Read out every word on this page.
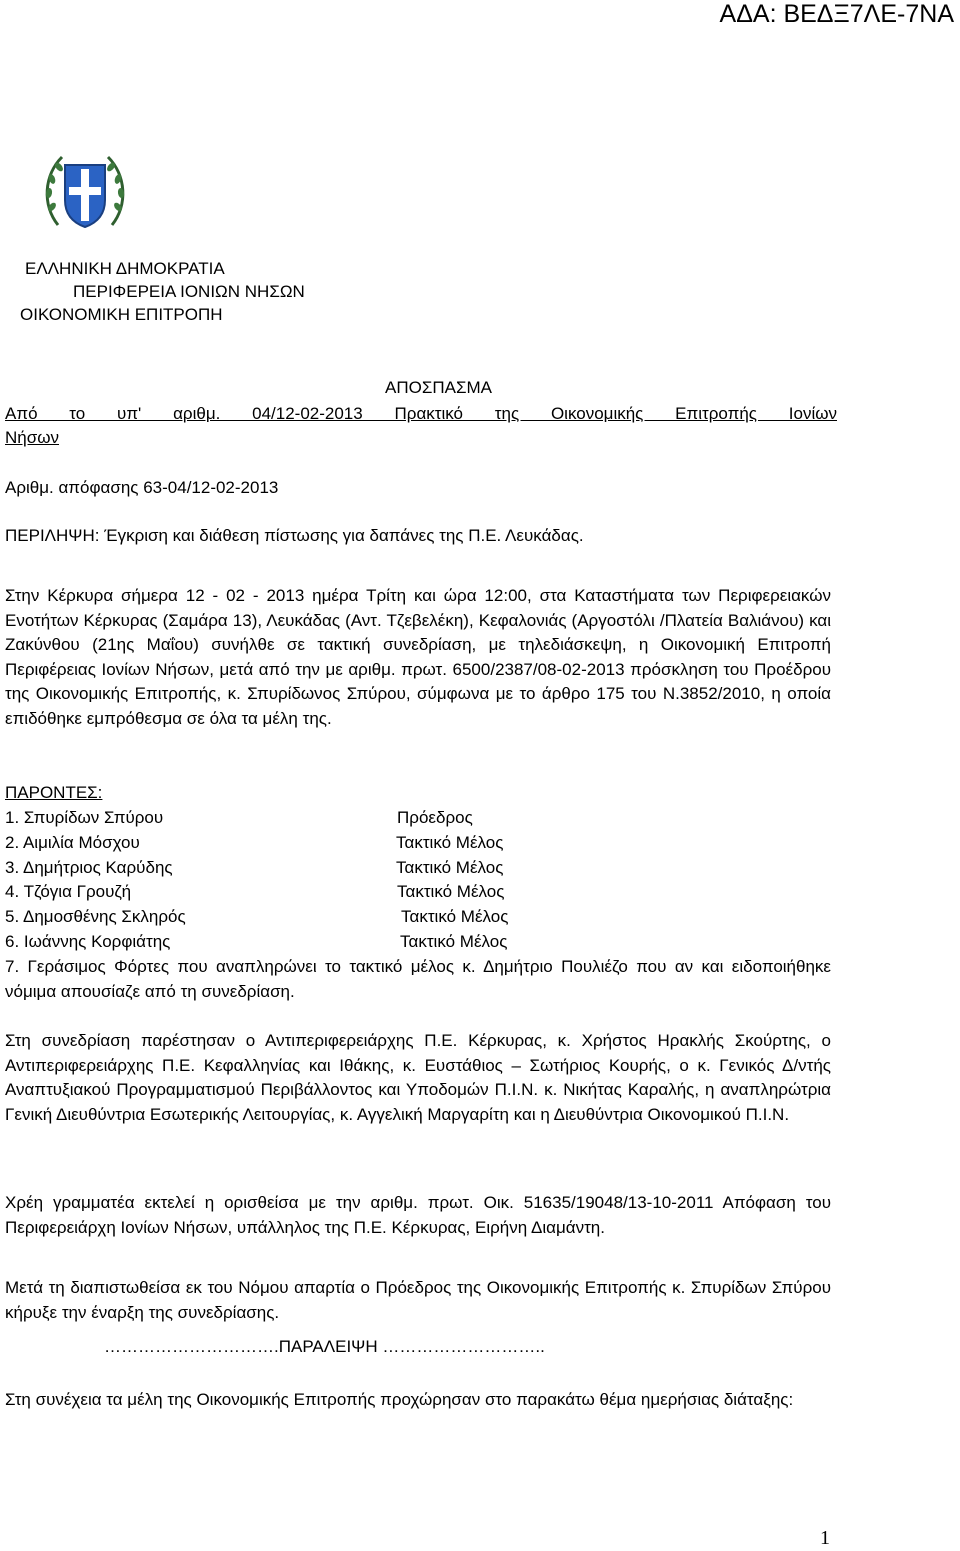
ΑΔΑ: ΒΕΔΞ7ΛΕ-7ΝΑ
ΕΛΛΗΝΙΚΗ ΔΗΜΟΚΡΑΤΙΑ
ΠΕΡΙΦΕΡΕΙΑ ΙΟΝΙΩΝ ΝΗΣΩΝ
ΟΙΚΟΝΟΜΙΚΗ ΕΠΙΤΡΟΠΗ
ΑΠΟΣΠΑΣΜΑ
Από το υπ' αριθμ. 04/12-02-2013 Πρακτικό της Οικονομικής Επιτροπής Ιονίων
Νήσων
Αριθμ. απόφασης 63-04/12-02-2013
ΠΕΡΙΛΗΨΗ: Έγκριση και διάθεση πίστωσης για δαπάνες της Π.Ε. Λευκάδας.

Στην Κέρκυρα σήμερα 12 - 02 - 2013 ημέρα Τρίτη και ώρα 12:00, στα Καταστήματα των Περιφερειακών Ενοτήτων Κέρκυρας (Σαμάρα 13), Λευκάδας (Αντ. Τζεβελέκη), Κεφαλονιάς (Αργοστόλι /Πλατεία Βαλιάνου) και Ζακύνθου (21ης Μαΐου) συνήλθε σε τακτική συνεδρίαση, με τηλεδιάσκεψη, η Οικονομική Επιτροπή Περιφέρειας Ιονίων Νήσων, μετά από την με αριθμ. πρωτ. 6500/2387/08-02-2013 πρόσκληση του Προέδρου της Οικονομικής Επιτροπής, κ. Σπυρίδωνος Σπύρου, σύμφωνα με το άρθρο 175 του Ν.3852/2010, η οποία επιδόθηκε εμπρόθεσμα σε όλα τα μέλη της.

ΠΑΡΟΝΤΕΣ:
1. Σπυρίδων Σπύρου	Πρόεδρος
2. Αιμιλία Μόσχου	Τακτικό Μέλος
3. Δημήτριος Καρύδης	Τακτικό Μέλος
4. Τζόγια Γρουζή	Τακτικό Μέλος
5. Δημοσθένης Σκληρός	Τακτικό Μέλος
6. Ιωάννης Κορφιάτης	Τακτικό Μέλος

7. Γεράσιμος Φόρτες που αναπληρώνει το τακτικό μέλος κ. Δημήτριο Πουλιέζο που αν και ειδοποιήθηκε νόμιμα απουσίαζε από τη συνεδρίαση.

Στη συνεδρίαση παρέστησαν ο Αντιπεριφερειάρχης Π.Ε. Κέρκυρας, κ. Χρήστος Ηρακλής Σκούρτης, ο Αντιπεριφερειάρχης Π.Ε. Κεφαλληνίας και Ιθάκης, κ. Ευστάθιος – Σωτήριος Κουρής, ο κ. Γενικός Δ/ντής Αναπτυξιακού Προγραμματισμού Περιβάλλοντος και Υποδομών Π.Ι.Ν. κ. Νικήτας Καραλής, η αναπληρώτρια Γενική Διευθύντρια Εσωτερικής Λειτουργίας, κ. Αγγελική Μαργαρίτη και η Διευθύντρια Οικονομικού Π.Ι.Ν.

Χρέη γραμματέα εκτελεί η ορισθείσα με την αριθμ. πρωτ. Οικ. 51635/19048/13-10-2011 Απόφαση του Περιφερειάρχη Ιονίων Νήσων, υπάλληλος της Π.Ε. Κέρκυρας, Ειρήνη Διαμάντη.

Μετά τη διαπιστωθείσα εκ του Νόμου απαρτία ο Πρόεδρος της Οικονομικής Επιτροπής κ. Σπυρίδων Σπύρου κήρυξε την έναρξη της συνεδρίασης.

………………………….ΠΑΡΑΛΕΙΨΗ ………………………..

Στη συνέχεια τα μέλη της Οικονομικής Επιτροπής προχώρησαν στο παρακάτω θέμα ημερήσιας διάταξης:

1
